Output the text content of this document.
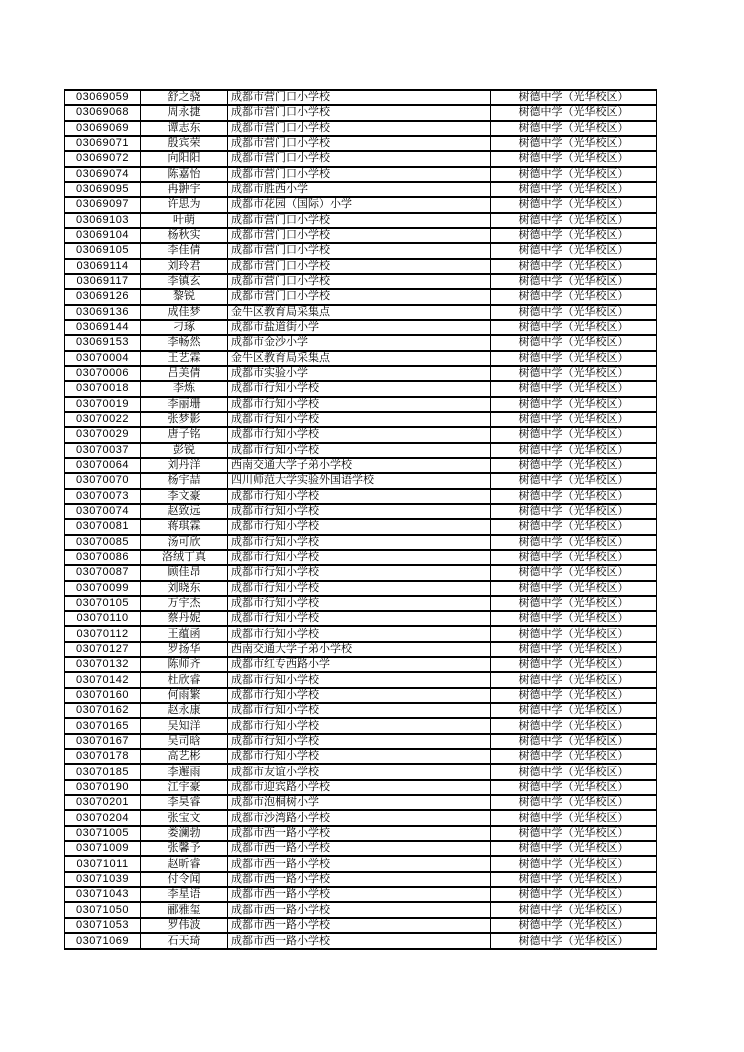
03069059	舒之骁	成都市营门口小学校	树德中学（光华校区）
03069068	周永捷	成都市营门口小学校	树德中学（光华校区）
03069069	谭志东	成都市营门口小学校	树德中学（光华校区）
03069071	殷宾荣	成都市营门口小学校	树德中学（光华校区）
03069072	向阳阳	成都市营门口小学校	树德中学（光华校区）
03069074	陈嘉怡	成都市营门口小学校	树德中学（光华校区）
03069095	冉翀宇	成都市胜西小学	树德中学（光华校区）
03069097	许思为	成都市花园（国际）小学	树德中学（光华校区）
03069103	叶萌	成都市营门口小学校	树德中学（光华校区）
03069104	杨秋实	成都市营门口小学校	树德中学（光华校区）
03069105	李佳倩	成都市营门口小学校	树德中学（光华校区）
03069114	刘玲君	成都市营门口小学校	树德中学（光华校区）
03069117	李镇玄	成都市营门口小学校	树德中学（光华校区）
03069126	黎锐	成都市营门口小学校	树德中学（光华校区）
03069136	成佳梦	金牛区教育局采集点	树德中学（光华校区）
03069144	刁琢	成都市盐道街小学	树德中学（光华校区）
03069153	李畅然	成都市金沙小学	树德中学（光华校区）
03070004	王艺霖	金牛区教育局采集点	树德中学（光华校区）
03070006	吕美倩	成都市实验小学	树德中学（光华校区）
03070018	李炼	成都市行知小学校	树德中学（光华校区）
03070019	李丽珊	成都市行知小学校	树德中学（光华校区）
03070022	张梦影	成都市行知小学校	树德中学（光华校区）
03070029	唐子铭	成都市行知小学校	树德中学（光华校区）
03070037	彭锐	成都市行知小学校	树德中学（光华校区）
03070064	刘丹洋	西南交通大学子弟小学校	树德中学（光华校区）
03070070	杨宇喆	四川师范大学实验外国语学校	树德中学（光华校区）
03070073	李文豪	成都市行知小学校	树德中学（光华校区）
03070074	赵致远	成都市行知小学校	树德中学（光华校区）
03070081	蒋琪霖	成都市行知小学校	树德中学（光华校区）
03070085	汤可欣	成都市行知小学校	树德中学（光华校区）
03070086	洛绒丁真	成都市行知小学校	树德中学（光华校区）
03070087	顾佳昂	成都市行知小学校	树德中学（光华校区）
03070099	刘晓东	成都市行知小学校	树德中学（光华校区）
03070105	万宇杰	成都市行知小学校	树德中学（光华校区）
03070110	蔡丹妮	成都市行知小学校	树德中学（光华校区）
03070112	王蕴函	成都市行知小学校	树德中学（光华校区）
03070127	罗扬华	西南交通大学子弟小学校	树德中学（光华校区）
03070132	陈师齐	成都市红专西路小学	树德中学（光华校区）
03070142	杜欣睿	成都市行知小学校	树德中学（光华校区）
03070160	何雨繁	成都市行知小学校	树德中学（光华校区）
03070162	赵永康	成都市行知小学校	树德中学（光华校区）
03070165	吴知洋	成都市行知小学校	树德中学（光华校区）
03070167	吴司晗	成都市行知小学校	树德中学（光华校区）
03070178	高艺彬	成都市行知小学校	树德中学（光华校区）
03070185	李邂雨	成都市友谊小学校	树德中学（光华校区）
03070190	江宇豪	成都市迎宾路小学校	树德中学（光华校区）
03070201	李昊睿	成都市泡桐树小学	树德中学（光华校区）
03070204	张宝文	成都市沙湾路小学校	树德中学（光华校区）
03071005	娄澜勃	成都市西一路小学校	树德中学（光华校区）
03071009	张馨予	成都市西一路小学校	树德中学（光华校区）
03071011	赵昕睿	成都市西一路小学校	树德中学（光华校区）
03071039	付令闻	成都市西一路小学校	树德中学（光华校区）
03071043	李星语	成都市西一路小学校	树德中学（光华校区）
03071050	郦雅玺	成都市西一路小学校	树德中学（光华校区）
03071053	罗伟波	成都市西一路小学校	树德中学（光华校区）
03071069	石天琦	成都市西一路小学校	树德中学（光华校区）
